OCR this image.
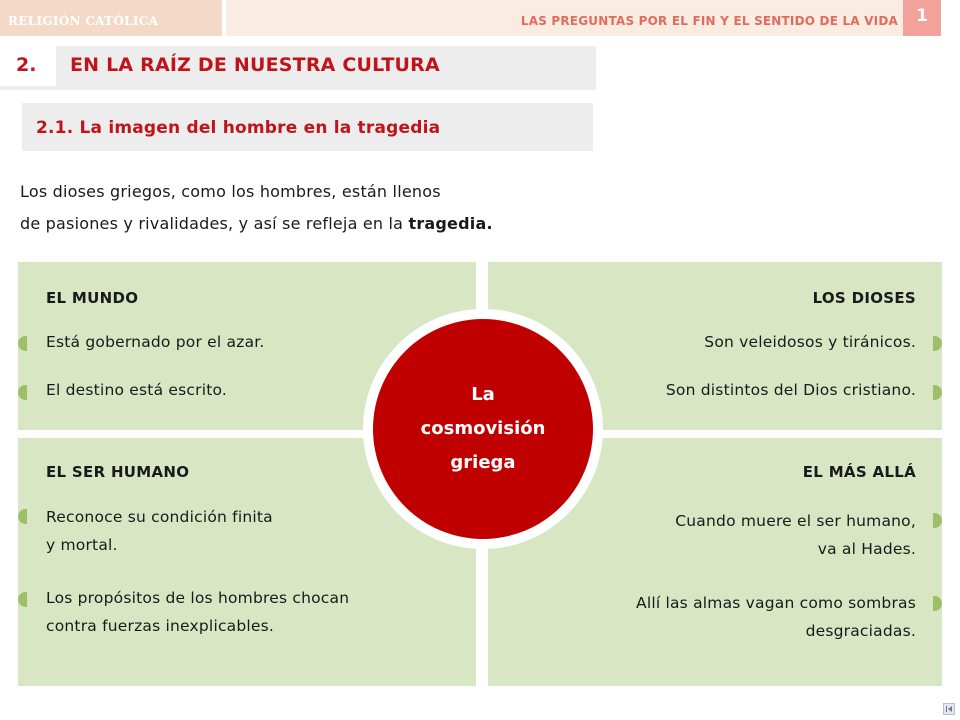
RELIGIÓN CATÓLICA	LAS PREGUNTAS POR EL FIN Y EL SENTIDO DE LA VIDA	1
2.	EN LA RAÍZ DE NUESTRA CULTURA
2.1. La imagen del hombre en la tragedia
Los dioses griegos, como los hombres, están llenos
de pasiones y rivalidades, y así se refleja en la tragedia.
EL MUNDO
Está gobernado por el azar.
El destino está escrito.
LOS DIOSES
Son veleidosos y tiránicos.
Son distintos del Dios cristiano.
EL SER HUMANO
Reconoce su condición finita
y mortal.
Los propósitos de los hombres chocan
contra fuerzas inexplicables.
EL MÁS ALLÁ
Cuando muere el ser humano,
va al Hades.
Allí las almas vagan como sombras
desgraciadas.
La
cosmovisión
griega
